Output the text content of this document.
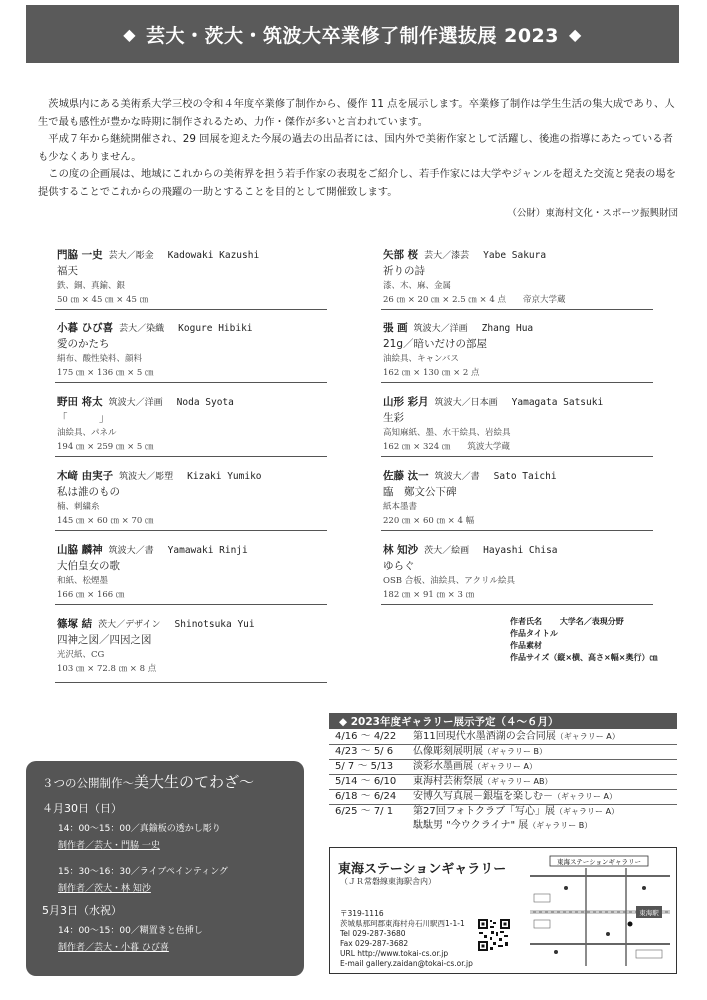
◆ 芸大・茨大・筑波大卒業修了制作選抜展 2023 ◆

茨城県内にある美術系大学三校の令和４年度卒業修了制作から、優作 11 点を展示します。卒業修了制作は学生生活の集大成であり、人生で最も感性が豊かな時期に制作されるため、力作・傑作が多いと言われています。

平成７年から継続開催され、29 回展を迎えた今展の過去の出品者には、国内外で美術作家として活躍し、後進の指導にあたっている者も少なくありません。

この度の企画展は、地域にこれからの美術界を担う若手作家の表現をご紹介し、若手作家には大学やジャンルを超えた交流と発表の場を提供することでこれからの飛躍の一助とすることを目的として開催致します。

（公財）東海村文化・スポーツ振興財団
門脇 一史 芸大／彫金 Kadowaki Kazushi
福天
鉄、銅、真鍮、銀
50 ㎝ × 45 ㎝ × 45 ㎝
小暮 ひび喜 芸大／染織 Kogure Hibiki
愛のかたち
絹布、酸性染料、顔料
175 ㎝ × 136 ㎝ × 5 ㎝
野田 将太 筑波大／洋画 Noda Syota
「　　　」
油絵具、パネル
194 ㎝ × 259 ㎝ × 5 ㎝
木﨑 由実子 筑波大／彫塑 Kizaki Yumiko
私は誰のもの
楠、刺繍糸
145 ㎝ × 60 ㎝ × 70 ㎝
山脇 麟神 筑波大／書 Yamawaki Rinji
大伯皇女の歌
和紙、松煙墨
166 ㎝ × 166 ㎝
篠塚 結 茨大／デザイン Shinotsuka Yui
四神之図／四因之図
光沢紙、CG
103 ㎝ × 72.8 ㎝ × 8 点
矢部 桜 芸大／漆芸 Yabe Sakura
祈りの詩
漆、木、麻、金属
26 ㎝ × 20 ㎝ × 2.5 ㎝ × 4 点　　帝京大学蔵
張 画 筑波大／洋画 Zhang Hua
21g／暗いだけの部屋
油絵具、キャンバス
162 ㎝ × 130 ㎝ × 2 点
山形 彩月 筑波大／日本画 Yamagata Satsuki
生彩
高知麻紙、墨、水干絵具、岩絵具
162 ㎝ × 324 ㎝　　筑波大学蔵
佐藤 汰一 筑波大／書 Sato Taichi
臨　鄭文公下碑
紙本墨書
220 ㎝ × 60 ㎝ × 4 幅
林 知沙 茨大／絵画 Hayashi Chisa
ゆらぐ
OSB 合板、油絵具、アクリル絵具
182 ㎝ × 91 ㎝ × 3 ㎝
作者氏名 大学名／表現分野
作品タイトル
作品素材
作品サイズ（縦×横、高さ×幅×奥行）㎝
◆ 2023年度ギャラリー展示予定（４～６月）
4/16 ～ 4/22	第11回現代水墨酒湖の会合同展（ギャラリー A）
4/23 ～ 5/ 6	仏像彫刻展明展（ギャラリー B）
5/ 7 ～ 5/13	淡彩水墨画展（ギャラリー A）
5/14 ～ 6/10	東海村芸術祭展（ギャラリー AB）
6/18 ～ 6/24	安博久写真展－銀塩を楽しむ－（ギャラリー A）
6/25 ～ 7/ 1	第27回フォトクラブ「写心」展（ギャラリー A）
駄駄男 "今ウクライナ" 展（ギャラリー B）
３つの公開制作～美大生のてわざ～
４月30日（日）
14：00～15：00／真鍮板の透かし彫り
制作者／芸大・門脇 一史
15：30～16：30／ライブペインティング
制作者／茨大・林 知沙
5月3日（水祝）
14：00～15：00／糊置きと色挿し
制作者／芸大・小暮 ひび喜
東海ステーションギャラリー
（ＪＲ常磐線東海駅舎内）
〒319‐1116
茨城県那珂郡東海村舟石川駅西1-1-1
Tel 029‐287‐3680
Fax 029‐287‐3682
URL http://www.tokai-cs.or.jp
E-mail gallery.zaidan@tokai-cs.or.jp
東海ステーションギャラリー
東海駅
